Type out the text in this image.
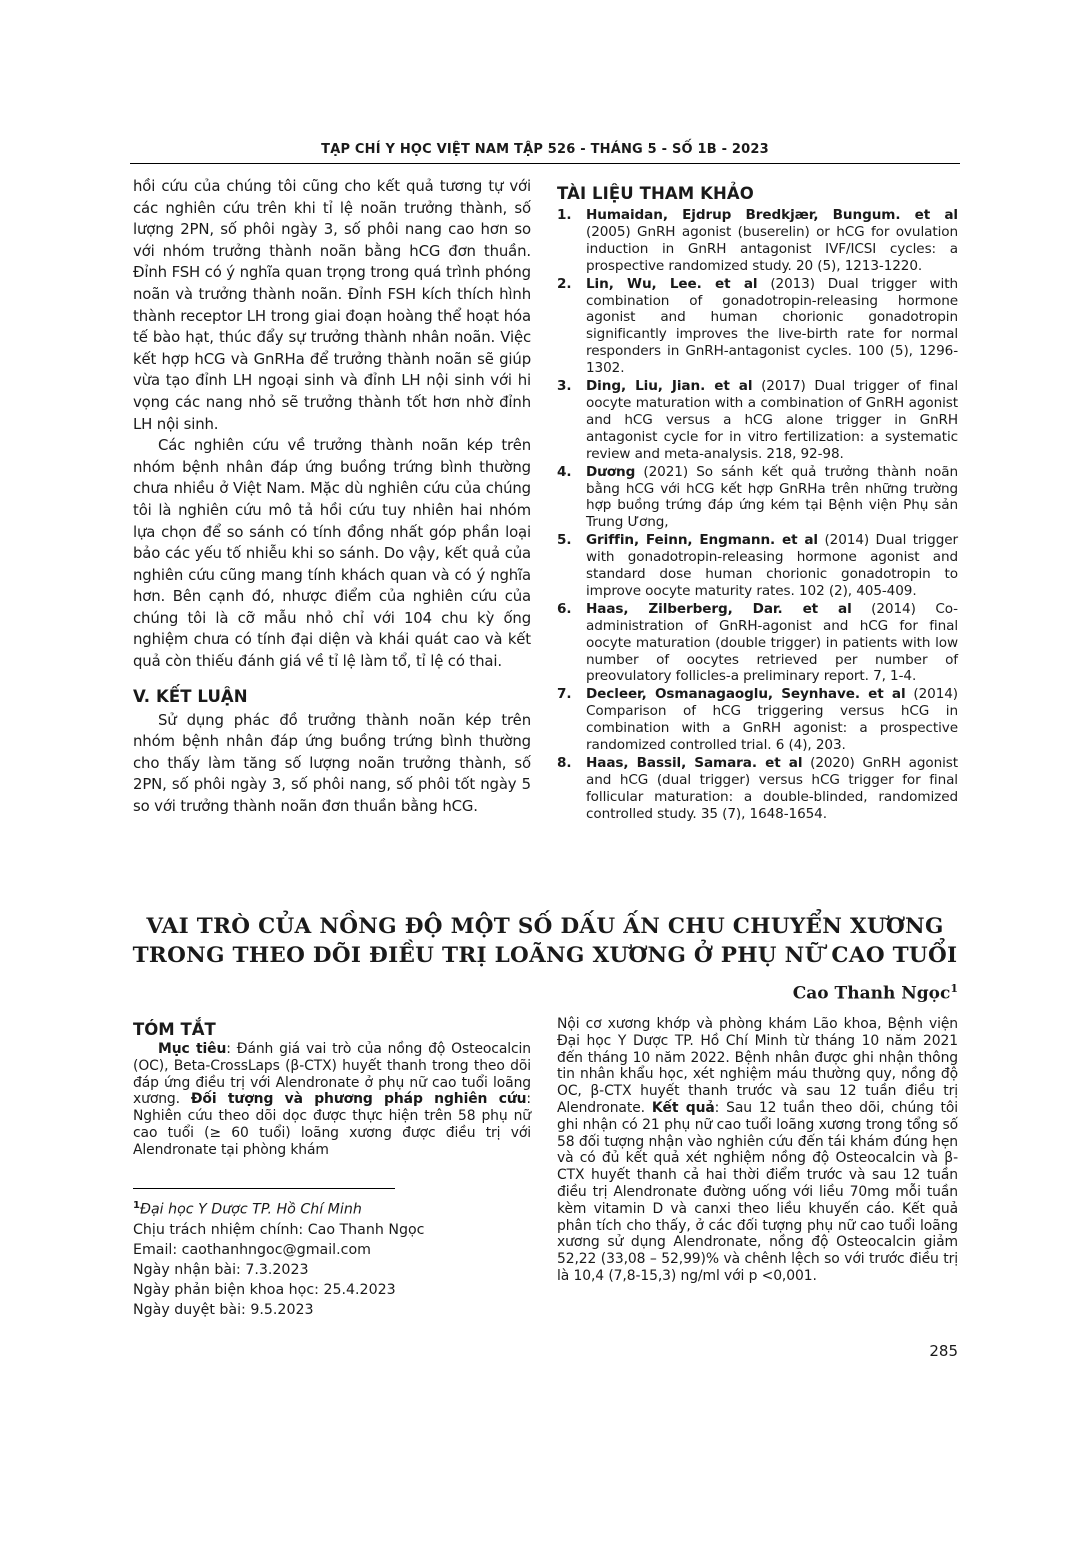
TẠP CHÍ Y HỌC VIỆT NAM TẬP 526 - THÁNG 5 - SỐ 1B - 2023

hồi cứu của chúng tôi cũng cho kết quả tương tự với các nghiên cứu trên khi tỉ lệ noãn trưởng thành, số lượng 2PN, số phôi ngày 3, số phôi nang cao hơn so với nhóm trưởng thành noãn bằng hCG đơn thuần. Đỉnh FSH có ý nghĩa quan trọng trong quá trình phóng noãn và trưởng thành noãn. Đỉnh FSH kích thích hình thành receptor LH trong giai đoạn hoàng thể hoạt hóa tế bào hạt, thúc đẩy sự trưởng thành nhân noãn. Việc kết hợp hCG và GnRHa để trưởng thành noãn sẽ giúp vừa tạo đỉnh LH ngoại sinh và đỉnh LH nội sinh với hi vọng các nang nhỏ sẽ trưởng thành tốt hơn nhờ đỉnh LH nội sinh.

Các nghiên cứu về trưởng thành noãn kép trên nhóm bệnh nhân đáp ứng buồng trứng bình thường chưa nhiều ở Việt Nam. Mặc dù nghiên cứu của chúng tôi là nghiên cứu mô tả hồi cứu tuy nhiên hai nhóm lựa chọn để so sánh có tính đồng nhất góp phần loại bảo các yếu tố nhiễu khi so sánh. Do vậy, kết quả của nghiên cứu cũng mang tính khách quan và có ý nghĩa hơn. Bên cạnh đó, nhược điểm của nghiên cứu của chúng tôi là cỡ mẫu nhỏ chỉ với 104 chu kỳ ống nghiệm chưa có tính đại diện và khái quát cao và kết quả còn thiếu đánh giá về tỉ lệ làm tổ, tỉ lệ có thai.

V. KẾT LUẬN

Sử dụng phác đồ trưởng thành noãn kép trên nhóm bệnh nhân đáp ứng buồng trứng bình thường cho thấy làm tăng số lượng noãn trưởng thành, số 2PN, số phôi ngày 3, số phôi nang, số phôi tốt ngày 5 so với trưởng thành noãn đơn thuần bằng hCG.

TÀI LIỆU THAM KHẢO
1.	Humaidan, Ejdrup Bredkjær, Bungum. et al (2005) GnRH agonist (buserelin) or hCG for ovulation induction in GnRH antagonist IVF/ICSI cycles: a prospective randomized study. 20 (5), 1213-1220.
2.	Lin, Wu, Lee. et al (2013) Dual trigger with combination of gonadotropin-releasing hormone agonist and human chorionic gonadotropin significantly improves the live-birth rate for normal responders in GnRH-antagonist cycles. 100 (5), 1296-1302.
3.	Ding, Liu, Jian. et al (2017) Dual trigger of final oocyte maturation with a combination of GnRH agonist and hCG versus a hCG alone trigger in GnRH antagonist cycle for in vitro fertilization: a systematic review and meta-analysis. 218, 92-98.
4.	Dương (2021) So sánh kết quả trưởng thành noãn bằng hCG với hCG kết hợp GnRHa trên những trường hợp buồng trứng đáp ứng kém tại Bệnh viện Phụ sản Trung Ương,
5.	Griffin, Feinn, Engmann. et al (2014) Dual trigger with gonadotropin-releasing hormone agonist and standard dose human chorionic gonadotropin to improve oocyte maturity rates. 102 (2), 405-409.
6.	Haas, Zilberberg, Dar. et al (2014) Co-administration of GnRH-agonist and hCG for final oocyte maturation (double trigger) in patients with low number of oocytes retrieved per number of preovulatory follicles-a preliminary report. 7, 1-4.
7.	Decleer, Osmanagaoglu, Seynhave. et al (2014) Comparison of hCG triggering versus hCG in combination with a GnRH agonist: a prospective randomized controlled trial. 6 (4), 203.
8.	Haas, Bassil, Samara. et al (2020) GnRH agonist and hCG (dual trigger) versus hCG trigger for final follicular maturation: a double-blinded, randomized controlled study. 35 (7), 1648-1654.
VAI TRÒ CỦA NỒNG ĐỘ MỘT SỐ DẤU ẤN CHU CHUYỂN XƯƠNG
TRONG THEO DÕI ĐIỀU TRỊ LOÃNG XƯƠNG Ở PHỤ NỮ CAO TUỔI
Cao Thanh Ngọc$^1$
TÓM TẮT

Mục tiêu: Đánh giá vai trò của nồng độ Osteocalcin (OC), Beta-CrossLaps (β-CTX) huyết thanh trong theo dõi đáp ứng điều trị với Alendronate ở phụ nữ cao tuổi loãng xương. Đối tượng và phương pháp nghiên cứu: Nghiên cứu theo dõi dọc được thực hiện trên 58 phụ nữ cao tuổi (≥ 60 tuổi) loãng xương được điều trị với Alendronate tại phòng khám

Nội cơ xương khớp và phòng khám Lão khoa, Bệnh viện Đại học Y Dược TP. Hồ Chí Minh từ tháng 10 năm 2021 đến tháng 10 năm 2022. Bệnh nhân được ghi nhận thông tin nhân khẩu học, xét nghiệm máu thường quy, nồng độ OC, β-CTX huyết thanh trước và sau 12 tuần điều trị Alendronate. Kết quả: Sau 12 tuần theo dõi, chúng tôi ghi nhận có 21 phụ nữ cao tuổi loãng xương trong tổng số 58 đối tượng nhận vào nghiên cứu đến tái khám đúng hẹn và có đủ kết quả xét nghiệm nồng độ Osteocalcin và β-CTX huyết thanh cả hai thời điểm trước và sau 12 tuần điều trị Alendronate đường uống với liều 70mg mỗi tuần kèm vitamin D và canxi theo liều khuyến cáo. Kết quả phân tích cho thấy, ở các đối tượng phụ nữ cao tuổi loãng xương sử dụng Alendronate, nồng độ Osteocalcin giảm 52,22 (33,08 – 52,99)% và chênh lệch so với trước điều trị là 10,4 (7,8-15,3) ng/ml với p <0,001.

$^1$Đại học Y Dược TP. Hồ Chí Minh
Chịu trách nhiệm chính: Cao Thanh Ngọc
Email: caothanhngoc@gmail.com
Ngày nhận bài: 7.3.2023
Ngày phản biện khoa học: 25.4.2023
Ngày duyệt bài: 9.5.2023
285
